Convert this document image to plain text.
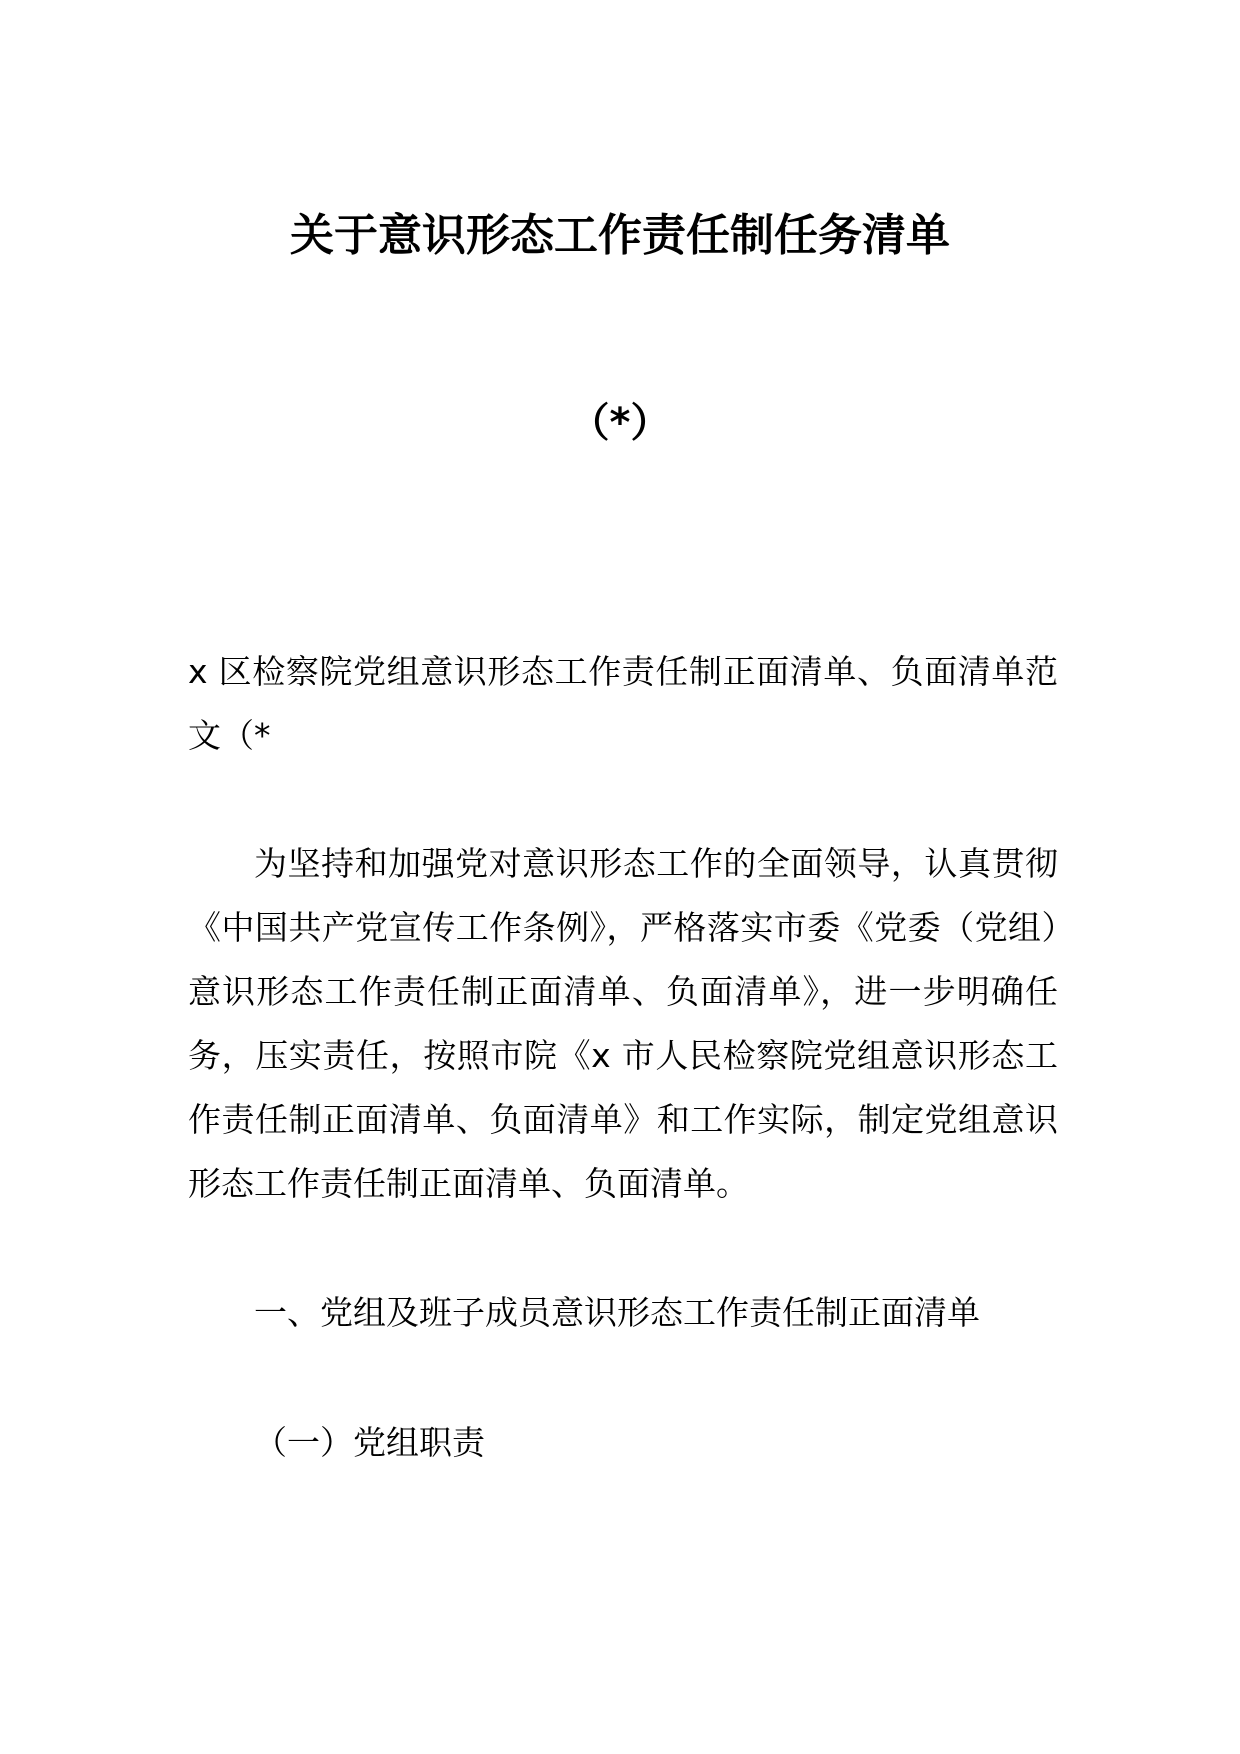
关于意识形态工作责任制任务清单
（*）

x 区检察院党组意识形态工作责任制正面清单、负面清单范文（*

为坚持和加强党对意识形态工作的全面领导，认真贯彻《中国共产党宣传工作条例》，严格落实市委《党委（党组）意识形态工作责任制正面清单、负面清单》，进一步明确任务，压实责任，按照市院《x 市人民检察院党组意识形态工作责任制正面清单、负面清单》和工作实际，制定党组意识形态工作责任制正面清单、负面清单。

一、党组及班子成员意识形态工作责任制正面清单

（一）党组职责
